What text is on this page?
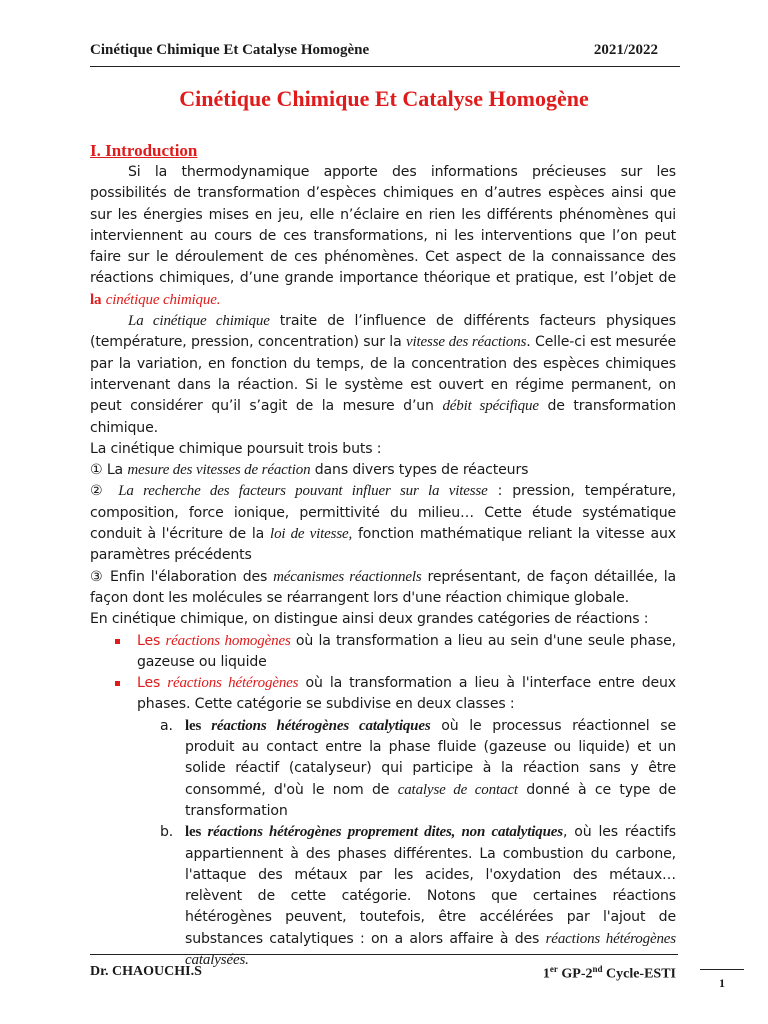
Cinétique Chimique Et Catalyse Homogène	2021/2022
Cinétique Chimique Et Catalyse Homogène
I. Introduction

Si la thermodynamique apporte des informations précieuses sur les possibilités de transformation d’espèces chimiques en d’autres espèces ainsi que sur les énergies mises en jeu, elle n’éclaire en rien les différents phénomènes qui interviennent au cours de ces transformations, ni les interventions que l’on peut faire sur le déroulement de ces phénomènes. Cet aspect de la connaissance des réactions chimiques, d’une grande importance théorique et pratique, est l’objet de la cinétique chimique.

La cinétique chimique traite de l’influence de différents facteurs physiques (température, pression, concentration) sur la vitesse des réactions. Celle-ci est mesurée par la variation, en fonction du temps, de la concentration des espèces chimiques intervenant dans la réaction. Si le système est ouvert en régime permanent, on peut considérer qu’il s’agit de la mesure d’un débit spécifique de transformation chimique.

La cinétique chimique poursuit trois buts :

① La mesure des vitesses de réaction dans divers types de réacteurs

② La recherche des facteurs pouvant influer sur la vitesse : pression, température, composition, force ionique, permittivité du milieu… Cette étude systématique conduit à l'écriture de la loi de vitesse, fonction mathématique reliant la vitesse aux paramètres précédents

③ Enfin l'élaboration des mécanismes réactionnels représentant, de façon détaillée, la façon dont les molécules se réarrangent lors d'une réaction chimique globale.

En cinétique chimique, on distingue ainsi deux grandes catégories de réactions :

Les réactions homogènes où la transformation a lieu au sein d'une seule phase, gazeuse ou liquide
Les réactions hétérogènes où la transformation a lieu à l'interface entre deux phases. Cette catégorie se subdivise en deux classes :
a. les réactions hétérogènes catalytiques où le processus réactionnel se produit au contact entre la phase fluide (gazeuse ou liquide) et un solide réactif (catalyseur) qui participe à la réaction sans y être consommé, d'où le nom de catalyse de contact donné à ce type de transformation
b. les réactions hétérogènes proprement dites, non catalytiques, où les réactifs appartiennent à des phases différentes. La combustion du carbone, l'attaque des métaux par les acides, l'oxydation des métaux… relèvent de cette catégorie. Notons que certaines réactions hétérogènes peuvent, toutefois, être accélérées par l'ajout de substances catalytiques : on a alors affaire à des réactions hétérogènes catalysées.
Dr. CHAOUCHI.S	1er GP-2nd Cycle-ESTI
1
